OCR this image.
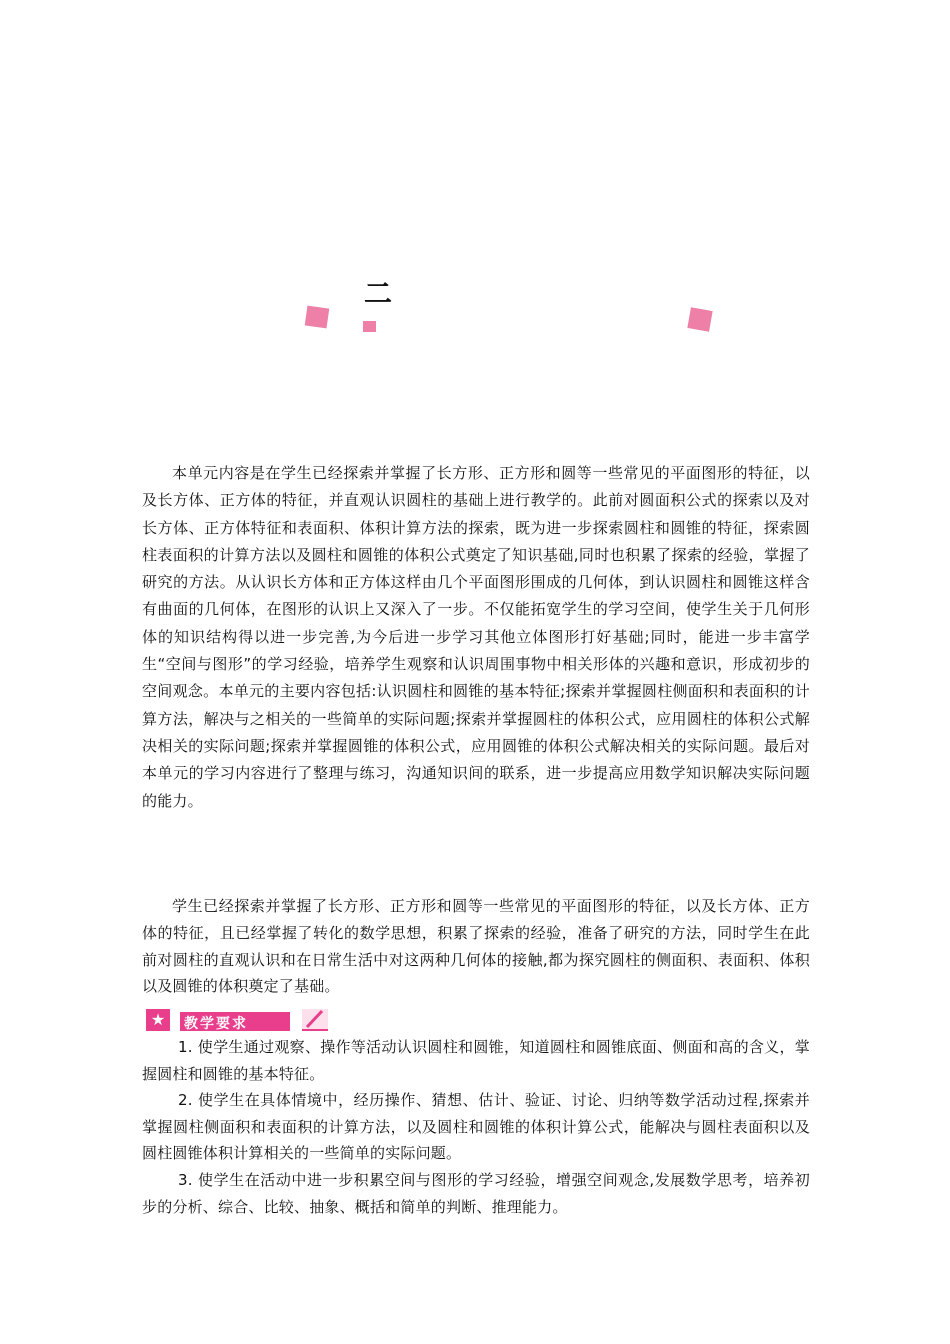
二

本单元内容是在学生已经探索并掌握了长方形、正方形和圆等一些常见的平面图形的特征，以及长方体、正方体的特征，并直观认识圆柱的基础上进行教学的。此前对圆面积公式的探索以及对长方体、正方体特征和表面积、体积计算方法的探索，既为进一步探索圆柱和圆锥的特征，探索圆柱表面积的计算方法以及圆柱和圆锥的体积公式奠定了知识基础,同时也积累了探索的经验，掌握了研究的方法。从认识长方体和正方体这样由几个平面图形围成的几何体，到认识圆柱和圆锥这样含有曲面的几何体，在图形的认识上又深入了一步。不仅能拓宽学生的学习空间，使学生关于几何形体的知识结构得以进一步完善,为今后进一步学习其他立体图形打好基础;同时，能进一步丰富学生“空间与图形”的学习经验，培养学生观察和认识周围事物中相关形体的兴趣和意识，形成初步的空间观念。本单元的主要内容包括:认识圆柱和圆锥的基本特征;探索并掌握圆柱侧面积和表面积的计算方法，解决与之相关的一些简单的实际问题;探索并掌握圆柱的体积公式，应用圆柱的体积公式解决相关的实际问题;探索并掌握圆锥的体积公式，应用圆锥的体积公式解决相关的实际问题。最后对本单元的学习内容进行了整理与练习，沟通知识间的联系，进一步提高应用数学知识解决实际问题的能力。

学生已经探索并掌握了长方形、正方形和圆等一些常见的平面图形的特征，以及长方体、正方体的特征，且已经掌握了转化的数学思想，积累了探索的经验，准备了研究的方法，同时学生在此前对圆柱的直观认识和在日常生活中对这两种几何体的接触,都为探究圆柱的侧面积、表面积、体积以及圆锥的体积奠定了基础。

★	教学要求

1. 使学生通过观察、操作等活动认识圆柱和圆锥，知道圆柱和圆锥底面、侧面和高的含义，掌握圆柱和圆锥的基本特征。

2. 使学生在具体情境中，经历操作、猜想、估计、验证、讨论、归纳等数学活动过程,探索并掌握圆柱侧面积和表面积的计算方法，以及圆柱和圆锥的体积计算公式，能解决与圆柱表面积以及圆柱圆锥体积计算相关的一些简单的实际问题。

3. 使学生在活动中进一步积累空间与图形的学习经验，增强空间观念,发展数学思考，培养初步的分析、综合、比较、抽象、概括和简单的判断、推理能力。
